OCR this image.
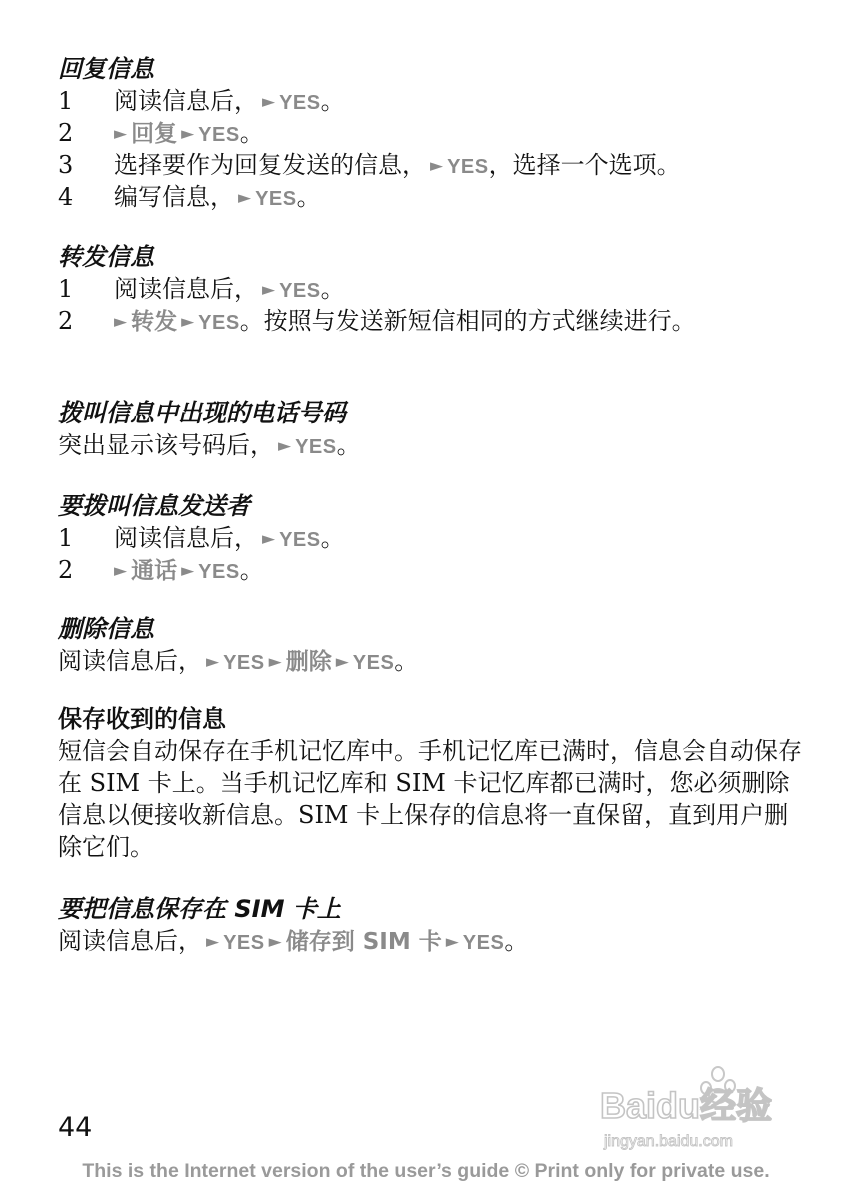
回复信息
1 阅读信息后， ► YES。
2 ► 回复 ► YES。
3 选择要作为回复发送的信息， ► YES，选择一个选项。
4 编写信息， ► YES。
转发信息
1 阅读信息后， ► YES。
2 ► 转发 ► YES。按照与发送新短信相同的方式继续进行。
拨叫信息中出现的电话号码
突出显示该号码后， ► YES。
要拨叫信息发送者
1 阅读信息后， ► YES。
2 ► 通话 ► YES。
删除信息
阅读信息后， ► YES ► 删除 ► YES。
保存收到的信息
短信会自动保存在手机记忆库中。手机记忆库已满时，信息会自动保存在 SIM 卡上。当手机记忆库和 SIM 卡记忆库都已满时，您必须删除信息以便接收新信息。SIM 卡上保存的信息将一直保留，直到用户删除它们。
要把信息保存在 SIM 卡上
阅读信息后， ► YES ► 储存到 SIM 卡 ► YES。
Baidu经验
jingyan.baidu.com
44
This is the Internet version of the user’s guide © Print only for private use.
